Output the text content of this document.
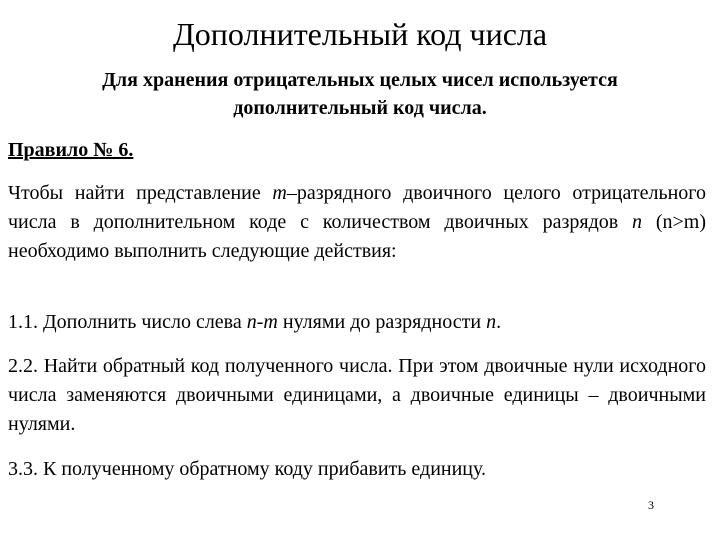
Дополнительный код числа
Для хранения отрицательных целых чисел используется дополнительный код числа.
Правило № 6.
Чтобы найти представление m–разрядного двоичного целого отрицательного числа в дополнительном коде с количеством двоичных разрядов n (n>m) необходимо выполнить следующие действия:
1.1. Дополнить число слева n-m нулями до разрядности n.
2.2. Найти обратный код полученного числа. При этом двоичные нули исходного числа заменяются двоичными единицами, а двоичные единицы – двоичными нулями.
3.3. К полученному обратному коду прибавить единицу.
3
